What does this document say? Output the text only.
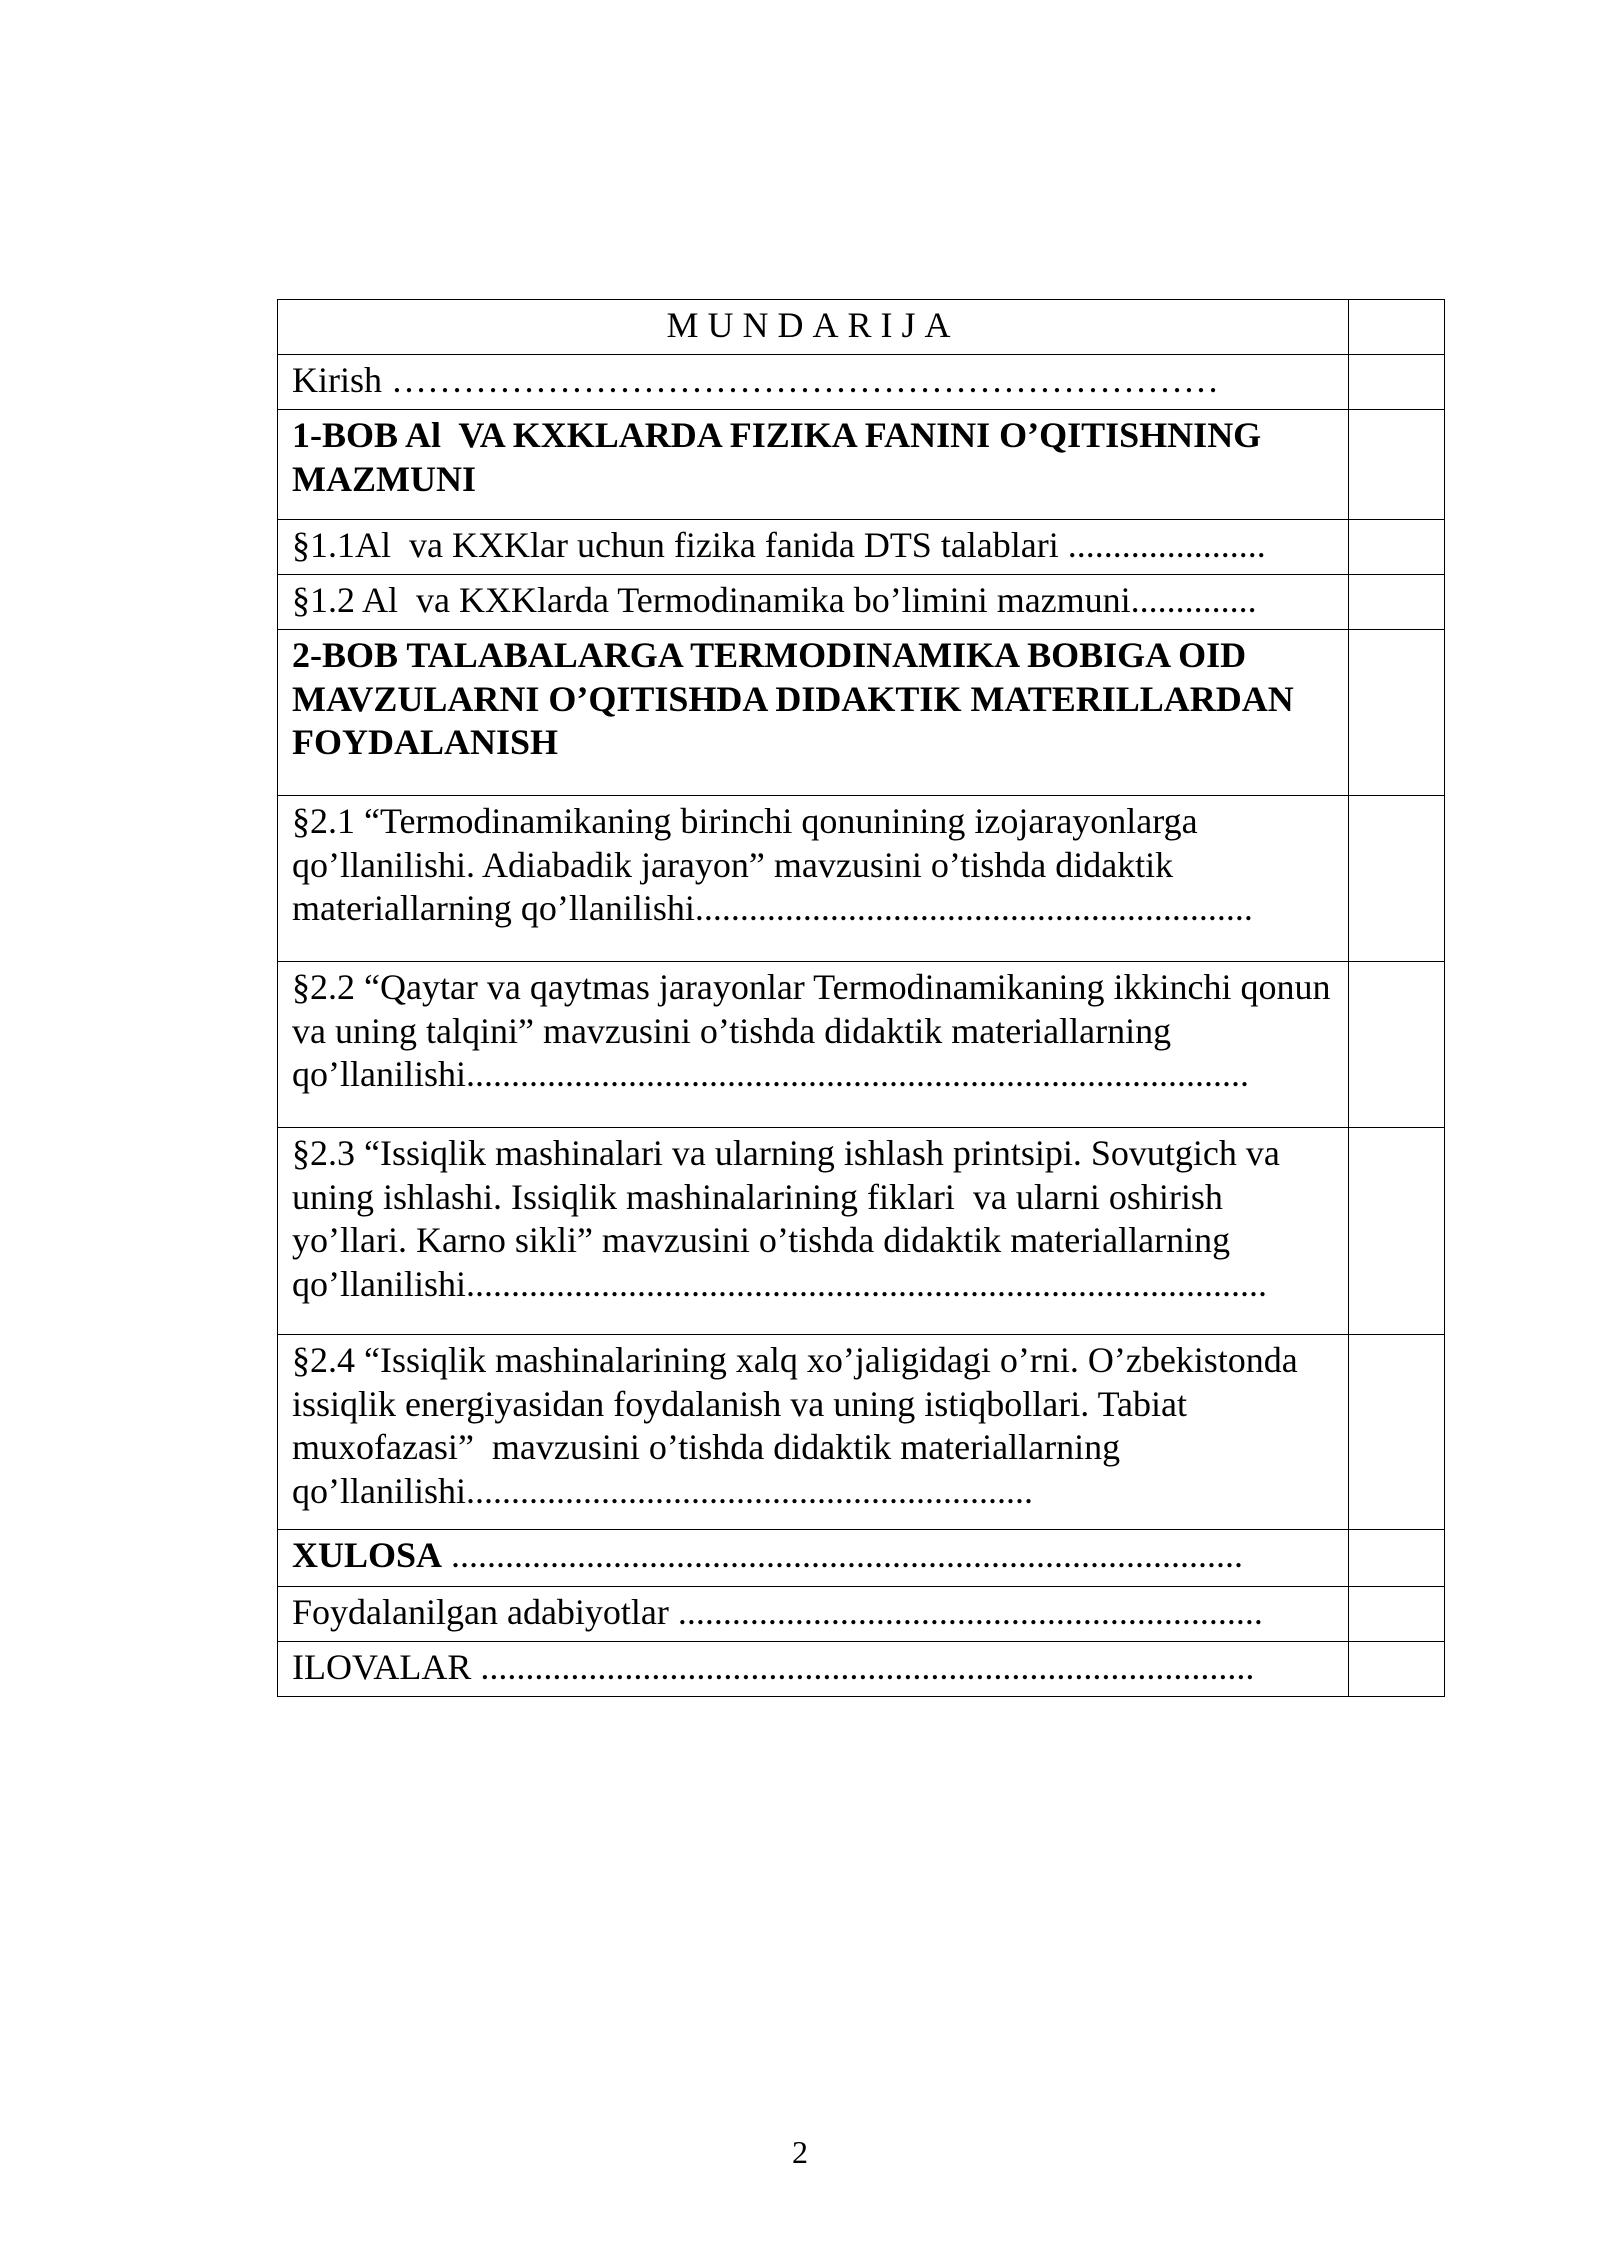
MUNDARIJA	
Kirish ……………………………………………………………	
1-BOB Al  VA KXKLARDA FIZIKA FANINI O’QITISHNING MAZMUNI	
§1.1Al  va KXKlar uchun fizika fanida DTS talablari ......................	
§1.2 Al  va KXKlarda Termodinamika bo’limini mazmuni..............	
2-BOB TALABALARGA TERMODINAMIKA BOBIGA OID MAVZULARNI O’QITISHDA DIDAKTIK MATERILLARDAN FOYDALANISH	
§2.1 “Termodinamikaning birinchi qonunining izojarayonlarga qo’llanilishi. Adiabadik jarayon” mavzusini o’tishda didaktik materiallarning qo’llanilishi..............................................................	
§2.2 “Qaytar va qaytmas jarayonlar Termodinamikaning ikkinchi qonun va uning talqini” mavzusini o’tishda didaktik materiallarning qo’llanilishi.......................................................................................	
§2.3 “Issiqlik mashinalari va ularning ishlash printsipi. Sovutgich va uning ishlashi. Issiqlik mashinalarining fiklari  va ularni oshirish yo’llari. Karno sikli” mavzusini o’tishda didaktik materiallarning qo’llanilishi.........................................................................................	
§2.4 “Issiqlik mashinalarining xalq xo’jaligidagi o’rni. O’zbekistonda issiqlik energiyasidan foydalanish va uning istiqbollari. Tabiat muxofazasi”  mavzusini o’tishda didaktik materiallarning qo’llanilishi...............................................................	
XULOSA ........................................................................................	
Foydalanilgan adabiyotlar .................................................................	
ILOVALAR ......................................................................................	
2
